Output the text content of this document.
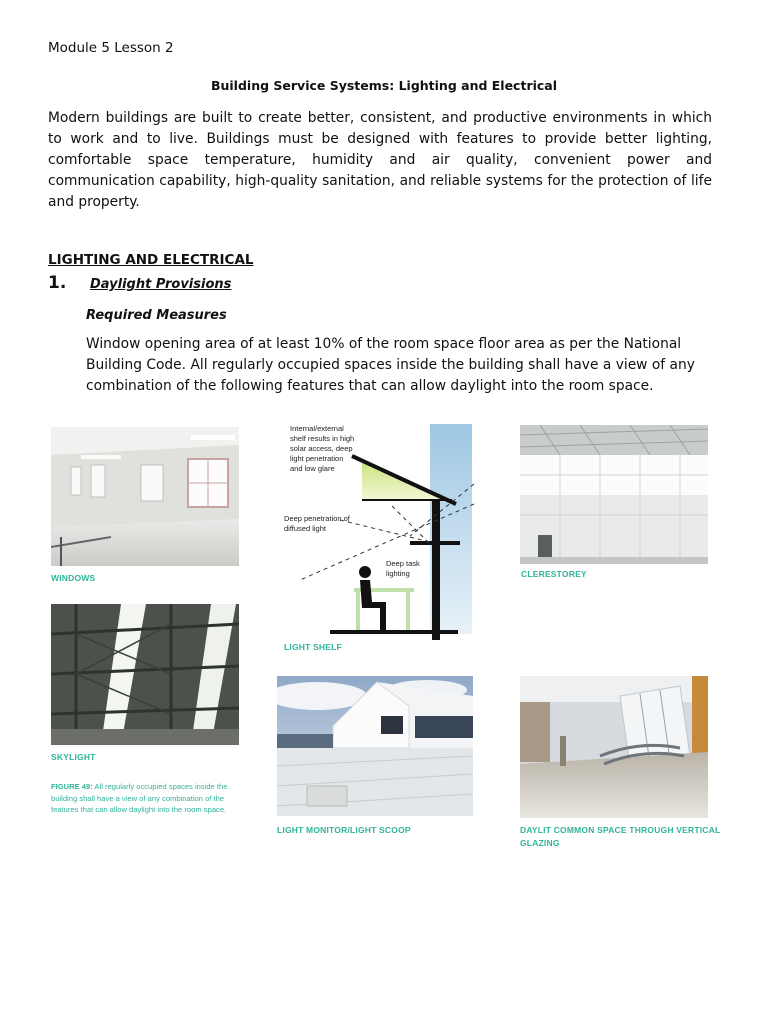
Module 5 Lesson 2
Building Service Systems: Lighting and Electrical
Modern buildings are built to create better, consistent, and productive environments in which to work and to live. Buildings must be designed with features to provide better lighting, comfortable space temperature, humidity and air quality, convenient power and communication capability, high-quality sanitation, and reliable systems for the protection of life and property.
LIGHTING AND ELECTRICAL
1. Daylight Provisions
Required Measures
Window opening area of at least 10% of the room space floor area as per the National Building Code. All regularly occupied spaces inside the building shall have a view of any combination of the following features that can allow daylight into the room space.
WINDOWS
SKYLIGHT
FIGURE 49: All regularly occupied spaces inside the building shall have a view of any combination of the features that can allow daylight into the room space.
Internal/external
shelf results in high
solar access, deep
light penetration
and low glare
Deep penetration of
diffused light
Deep task
lighting
LIGHT SHELF
LIGHT MONITOR/LIGHT SCOOP
CLERESTOREY
DAYLIT COMMON SPACE THROUGH VERTICAL
GLAZING
